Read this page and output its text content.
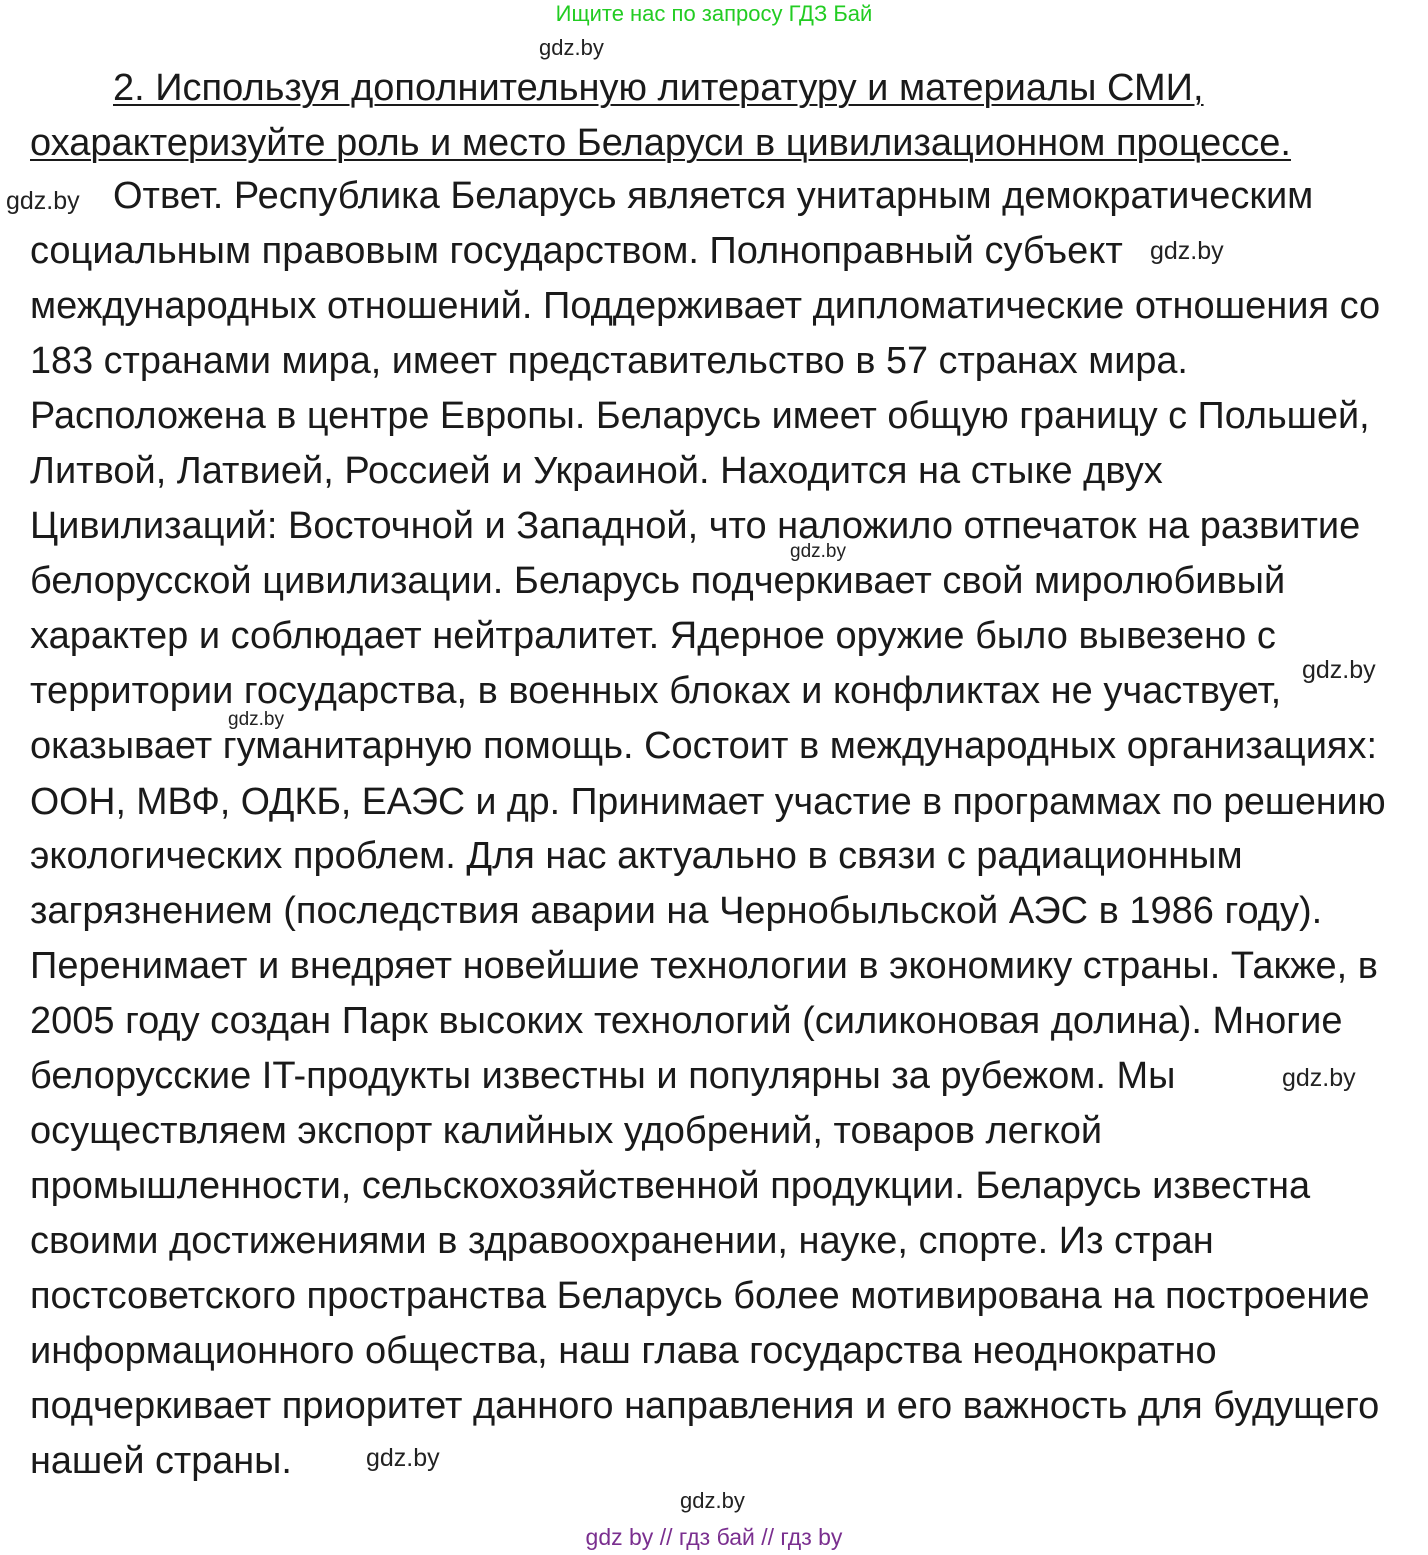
Ищите нас по запросу ГДЗ Бай
gdz.by
2. Используя дополнительную литературу и материалы СМИ,
охарактеризуйте роль и место Беларуси в цивилизационном процессе.
gdz.by Ответ. Республика Беларусь является унитарным демократическим
социальным правовым государством. Полноправный субъект gdz.by
международных отношений. Поддерживает дипломатические отношения со
183 странами мира, имеет представительство в 57 странах мира.
Расположена в центре Европы. Беларусь имеет общую границу с Польшей,
Литвой, Латвией, Россией и Украиной. Находится на стыке двух
Цивилизаций: Восточной и Западной, что наложило отпечаток на развитие
gdz.by
белорусской цивилизации. Беларусь подчеркивает свой миролюбивый
характер и соблюдает нейтралитет. Ядерное оружие было вывезено с
gdz.by
территории государства, в военных блоках и конфликтах не участвует,
gdz.by
оказывает гуманитарную помощь. Состоит в международных организациях:
ООН, МВФ, ОДКБ, ЕАЭС и др. Принимает участие в программах по решению
экологических проблем. Для нас актуально в связи с радиационным
загрязнением (последствия аварии на Чернобыльской АЭС в 1986 году).
Перенимает и внедряет новейшие технологии в экономику страны. Также, в
2005 году создан Парк высоких технологий (силиконовая долина). Многие
белорусские IT-продукты известны и популярны за рубежом. Мы	gdz.by
осуществляем экспорт калийных удобрений, товаров легкой
промышленности, сельскохозяйственной продукции. Беларусь известна
своими достижениями в здравоохранении, науке, спорте. Из стран
постсоветского пространства Беларусь более мотивирована на построение
информационного общества, наш глава государства неоднократно
подчеркивает приоритет данного направления и его важность для будущего
нашей страны.	gdz.by
gdz.by
gdz by // гдз бай // гдз by
